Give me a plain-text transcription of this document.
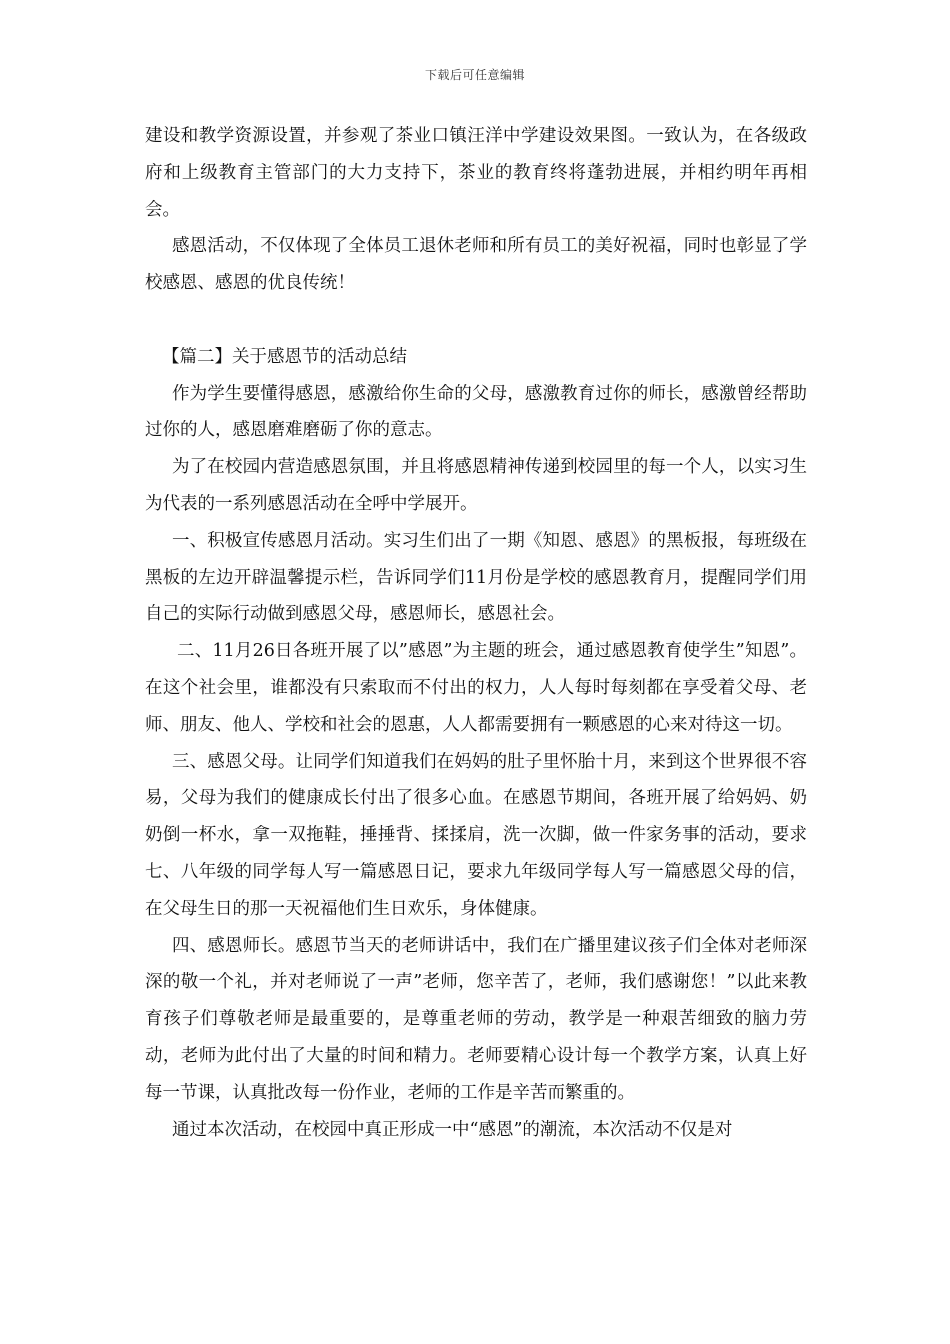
下载后可任意编辑

建设和教学资源设置，并参观了茶业口镇汪洋中学建设效果图。一致认为，在各级政府和上级教育主管部门的大力支持下，茶业的教育终将蓬勃进展，并相约明年再相会。

感恩活动，不仅体现了全体员工退休老师和所有员工的美好祝福，同时也彰显了学校感恩、感恩的优良传统！

【篇二】关于感恩节的活动总结

作为学生要懂得感恩，感激给你生命的父母，感激教育过你的师长，感激曾经帮助过你的人，感恩磨难磨砺了你的意志。

为了在校园内营造感恩氛围，并且将感恩精神传递到校园里的每一个人，以实习生为代表的一系列感恩活动在全呼中学展开。

一、积极宣传感恩月活动。实习生们出了一期《知恩、感恩》的黑板报，每班级在黑板的左边开辟温馨提示栏，告诉同学们11月份是学校的感恩教育月，提醒同学们用自己的实际行动做到感恩父母，感恩师长，感恩社会。

二、11月26日各班开展了以”感恩”为主题的班会，通过感恩教育使学生”知恩”。在这个社会里，谁都没有只索取而不付出的权力，人人每时每刻都在享受着父母、老师、朋友、他人、学校和社会的恩惠，人人都需要拥有一颗感恩的心来对待这一切。

三、感恩父母。让同学们知道我们在妈妈的肚子里怀胎十月，来到这个世界很不容易，父母为我们的健康成长付出了很多心血。在感恩节期间，各班开展了给妈妈、奶奶倒一杯水，拿一双拖鞋，捶捶背、揉揉肩，洗一次脚，做一件家务事的活动，要求七、八年级的同学每人写一篇感恩日记，要求九年级同学每人写一篇感恩父母的信，在父母生日的那一天祝福他们生日欢乐，身体健康。

四、感恩师长。感恩节当天的老师讲话中，我们在广播里建议孩子们全体对老师深深的敬一个礼，并对老师说了一声”老师，您辛苦了，老师，我们感谢您！”以此来教育孩子们尊敬老师是最重要的，是尊重老师的劳动，教学是一种艰苦细致的脑力劳动，老师为此付出了大量的时间和精力。老师要精心设计每一个教学方案，认真上好每一节课，认真批改每一份作业，老师的工作是辛苦而繁重的。

通过本次活动，在校园中真正形成一中“感恩”的潮流，本次活动不仅是对
